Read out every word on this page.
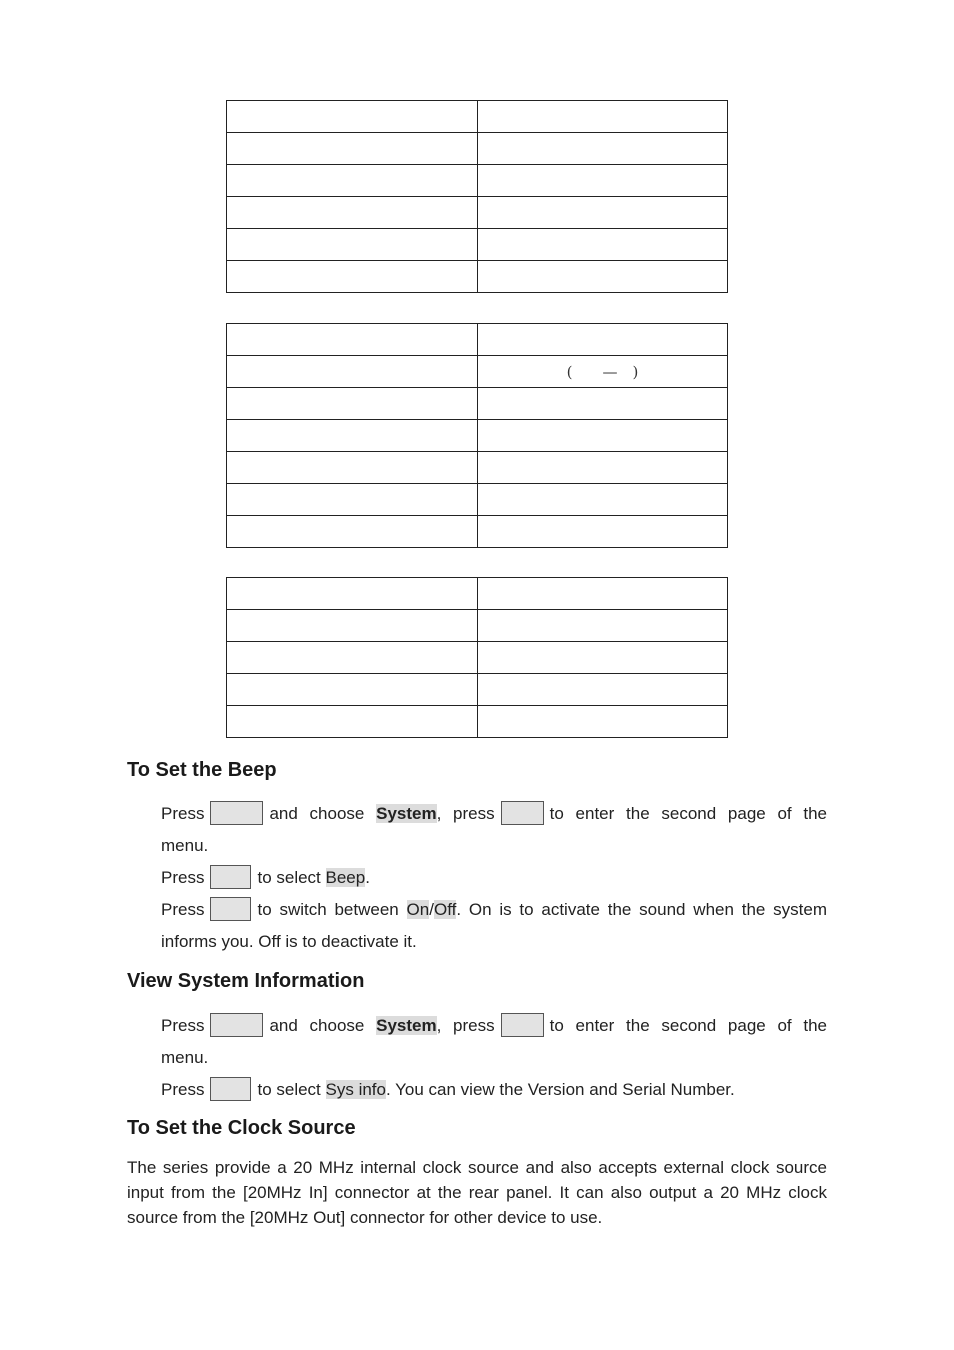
	(　　—　)

To Set the Beep
Press	and choose System, press	to enter the second page of the
menu.
Press	to select Beep.
Press	to switch between On/Off. On is to activate the sound when the system
informs you. Off is to deactivate it.
View System Information
Press	and choose System, press	to enter the second page of the
menu.
Press	to select Sys info. You can view the Version and Serial Number.
To Set the Clock Source
The series provide a 20 MHz internal clock source and also accepts external clock source input from the [20MHz In] connector at the rear panel. It can also output a 20 MHz clock source from the [20MHz Out] connector for other device to use.
